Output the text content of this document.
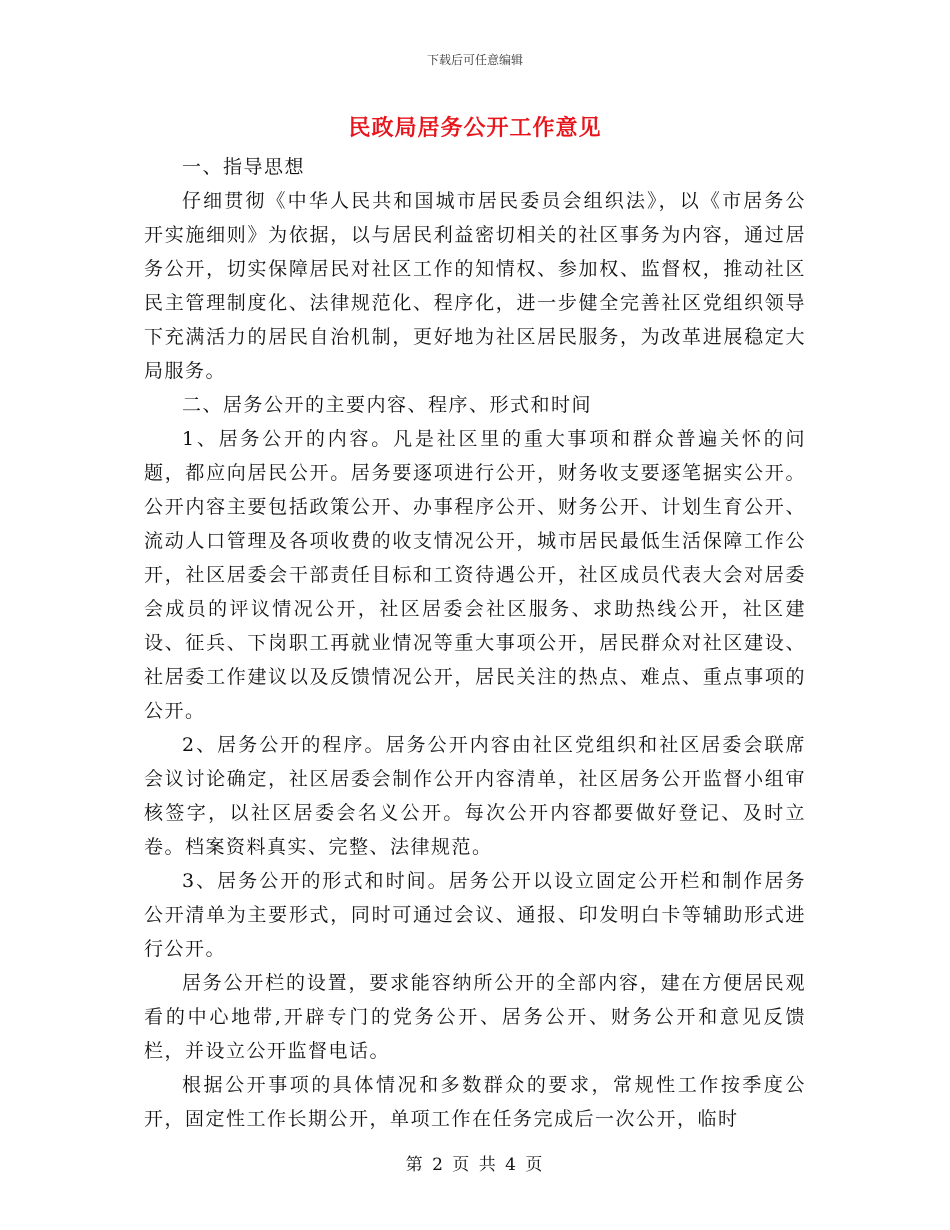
下载后可任意编辑
民政局居务公开工作意见

一、指导思想

仔细贯彻《中华人民共和国城市居民委员会组织法》，以《市居务公开实施细则》为依据，以与居民利益密切相关的社区事务为内容，通过居务公开，切实保障居民对社区工作的知情权、参加权、监督权，推动社区民主管理制度化、法律规范化、程序化，进一步健全完善社区党组织领导下充满活力的居民自治机制，更好地为社区居民服务，为改革进展稳定大局服务。

二、居务公开的主要内容、程序、形式和时间

1、居务公开的内容。凡是社区里的重大事项和群众普遍关怀的问题，都应向居民公开。居务要逐项进行公开，财务收支要逐笔据实公开。公开内容主要包括政策公开、办事程序公开、财务公开、计划生育公开、流动人口管理及各项收费的收支情况公开，城市居民最低生活保障工作公开，社区居委会干部责任目标和工资待遇公开，社区成员代表大会对居委会成员的评议情况公开，社区居委会社区服务、求助热线公开，社区建设、征兵、下岗职工再就业情况等重大事项公开，居民群众对社区建设、社居委工作建议以及反馈情况公开，居民关注的热点、难点、重点事项的公开。

2、居务公开的程序。居务公开内容由社区党组织和社区居委会联席会议讨论确定，社区居委会制作公开内容清单，社区居务公开监督小组审核签字，以社区居委会名义公开。每次公开内容都要做好登记、及时立卷。档案资料真实、完整、法律规范。

3、居务公开的形式和时间。居务公开以设立固定公开栏和制作居务公开清单为主要形式，同时可通过会议、通报、印发明白卡等辅助形式进行公开。

居务公开栏的设置，要求能容纳所公开的全部内容，建在方便居民观看的中心地带,开辟专门的党务公开、居务公开、财务公开和意见反馈栏，并设立公开监督电话。

根据公开事项的具体情况和多数群众的要求，常规性工作按季度公开，固定性工作长期公开，单项工作在任务完成后一次公开，临时

第 2 页 共 4 页
